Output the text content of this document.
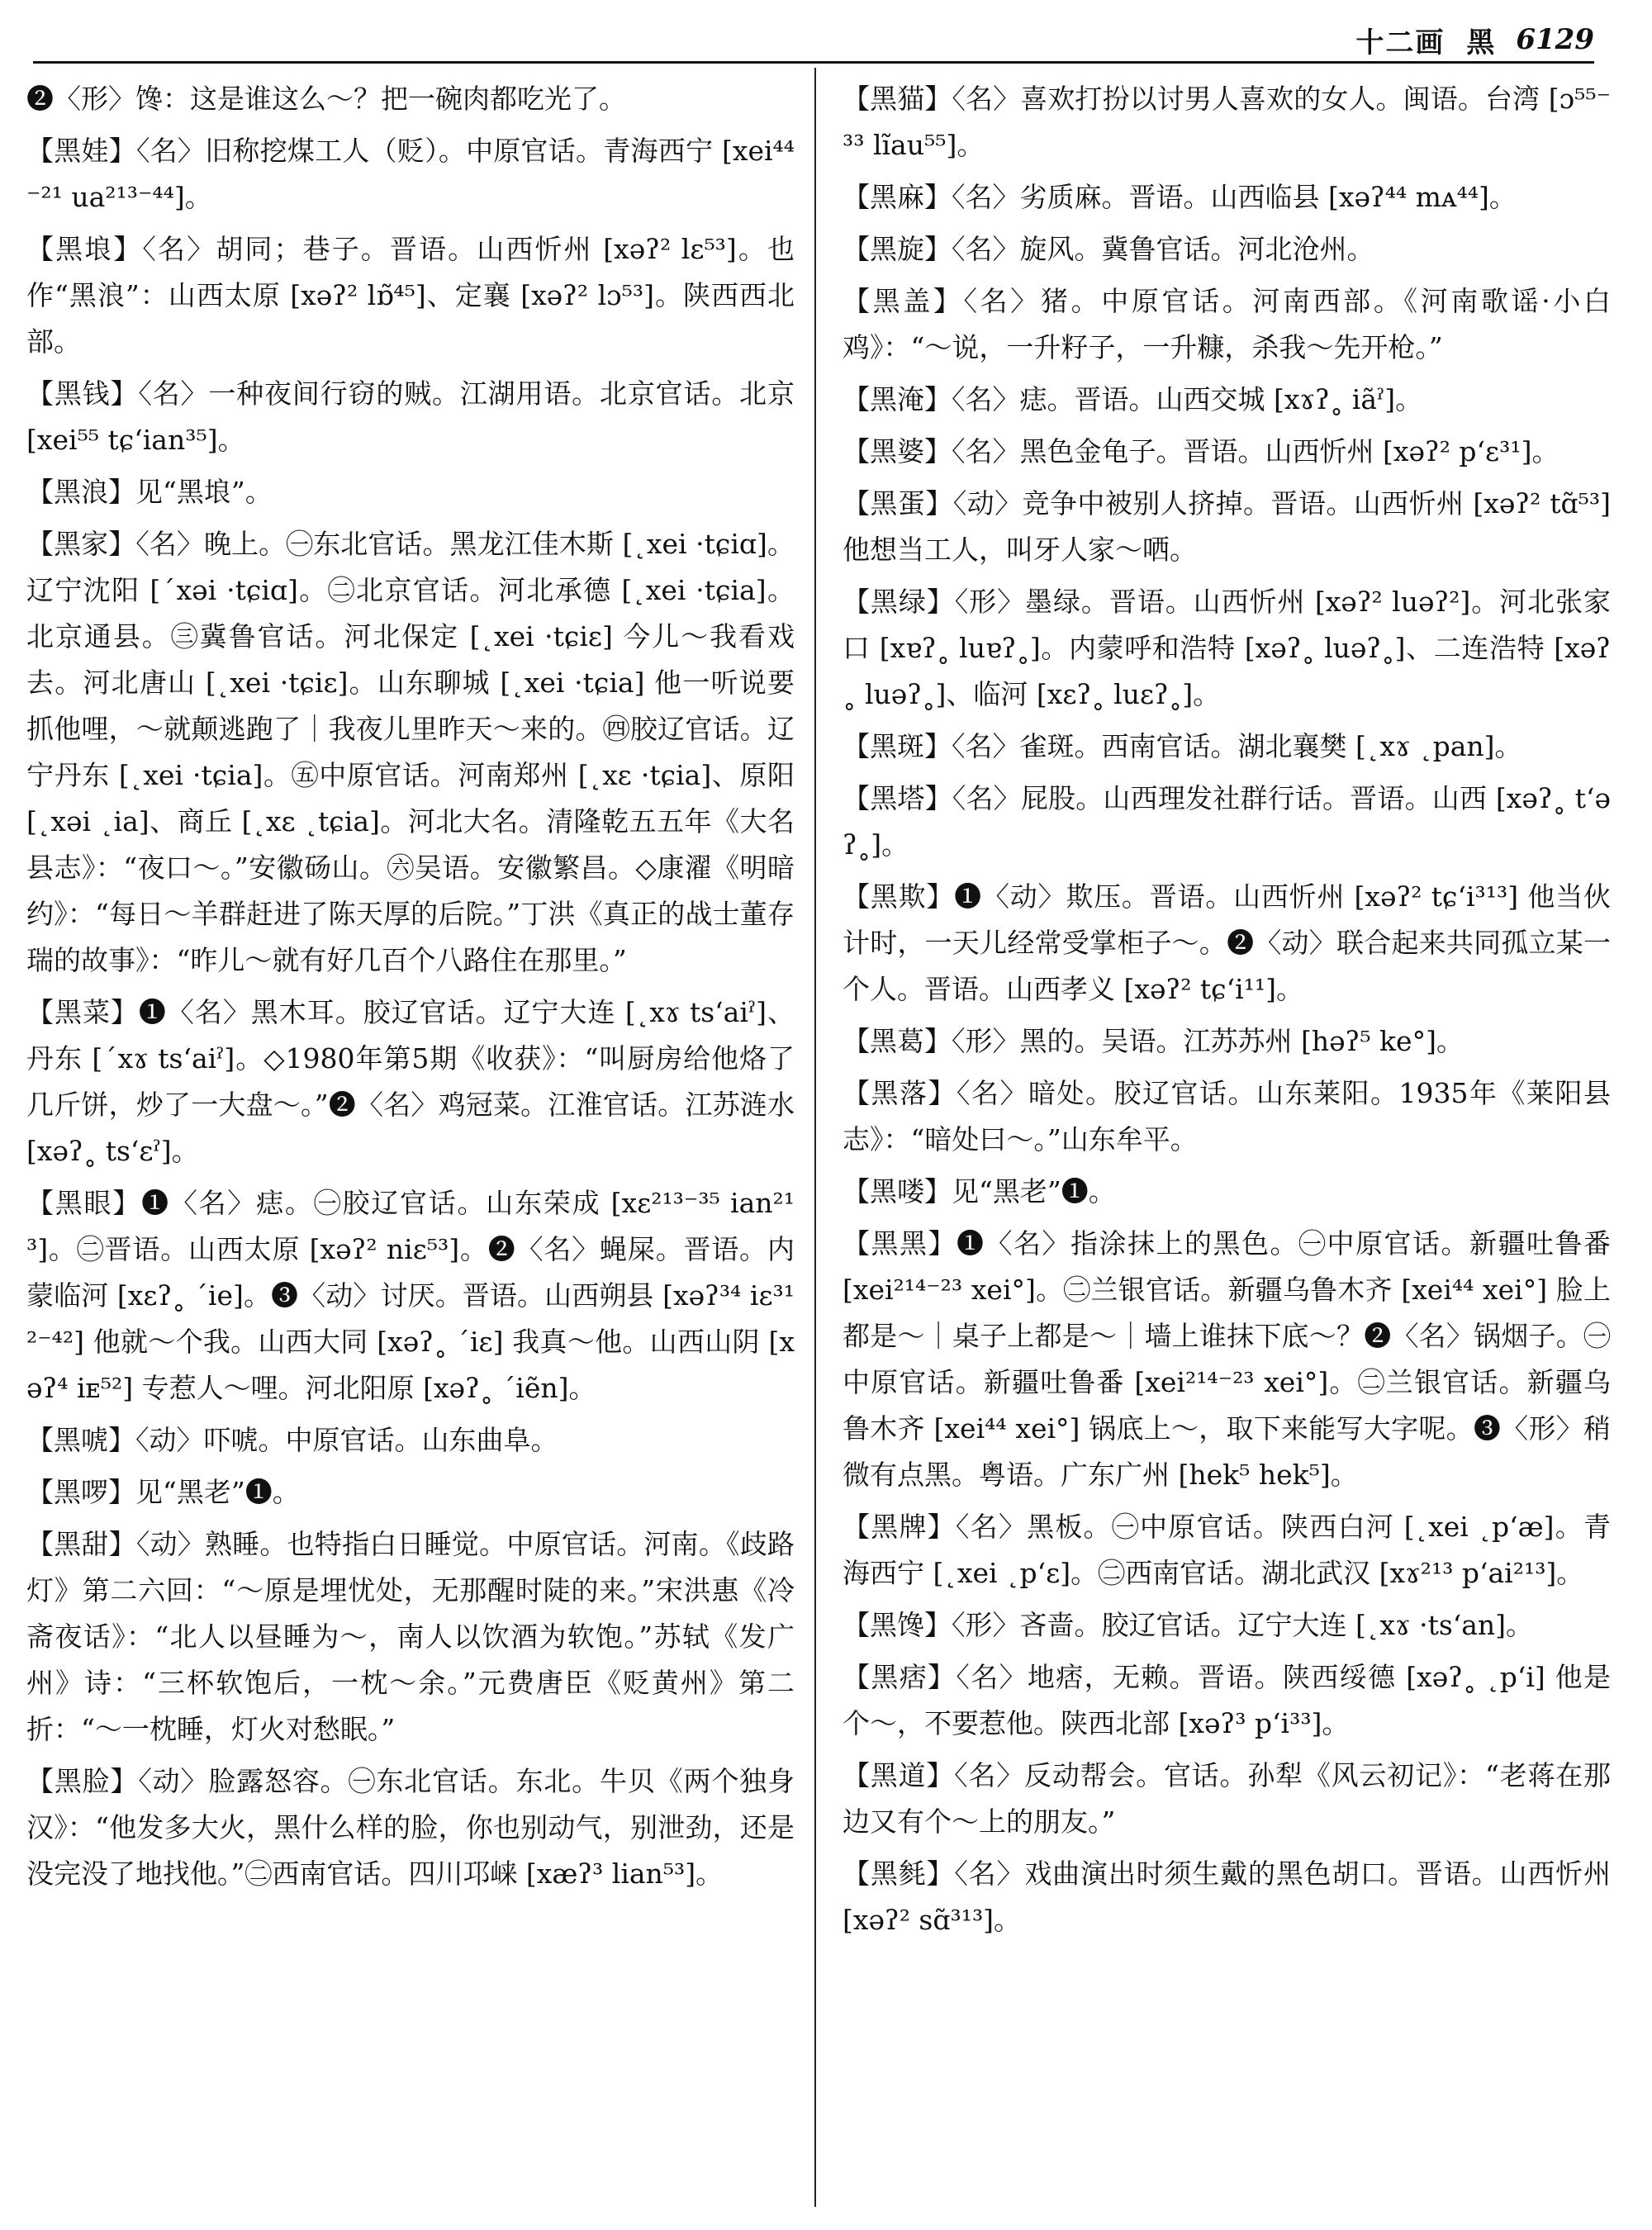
十二画 黑 6129

❷〈形〉馋：这是谁这么～？把一碗肉都吃光了。

【黑娃】〈名〉旧称挖煤工人（贬）。中原官话。青海西宁 [xei⁴⁴⁻²¹ ua²¹³⁻⁴⁴]。

【黑埌】〈名〉胡同；巷子。晋语。山西忻州 [xəʔ² lɛ⁵³]。也作“黑浪”：山西太原 [xəʔ² lɒ̃⁴⁵]、定襄 [xəʔ² lɔ⁵³]。陕西西北部。

【黑钱】〈名〉一种夜间行窃的贼。江湖用语。北京官话。北京 [xei⁵⁵ tɕʻian³⁵]。

【黑浪】见“黑埌”。

【黑家】〈名〉晚上。㊀东北官话。黑龙江佳木斯 [˛xei ·tɕiɑ]。辽宁沈阳 [ˊxəi ·tɕiɑ]。㊁北京官话。河北承德 [˛xei ·tɕia]。北京通县。㊂冀鲁官话。河北保定 [˛xei ·tɕiɛ] 今儿～我看戏去。河北唐山 [˛xei ·tɕiɛ]。山东聊城 [˛xei ·tɕia] 他一听说要抓他哩，～就颠逃跑了｜我夜儿里昨天～来的。㊃胶辽官话。辽宁丹东 [˛xei ·tɕia]。㊄中原官话。河南郑州 [˛xɛ ·tɕia]、原阳 [˛xəi ˛ia]、商丘 [˛xɛ ˛tɕia]。河北大名。清隆乾五五年《大名县志》：“夜口～。”安徽砀山。㊅吴语。安徽繁昌。◇康濯《明暗约》：“每日～羊群赶进了陈天厚的后院。”丁洪《真正的战士董存瑞的故事》：“昨儿～就有好几百个八路住在那里。”

【黑菜】❶〈名〉黑木耳。胶辽官话。辽宁大连 [˛xɤ tsʻaiˀ]、丹东 [ˊxɤ tsʻaiˀ]。◇1980年第5期《收获》：“叫厨房给他烙了几斤饼，炒了一大盘～。”❷〈名〉鸡冠菜。江淮官话。江苏涟水 [xəʔ˳ tsʻɛˀ]。

【黑眼】❶〈名〉痣。㊀胶辽官话。山东荣成 [xɛ²¹³⁻³⁵ ian²¹³]。㊁晋语。山西太原 [xəʔ² niɛ⁵³]。❷〈名〉蝇屎。晋语。内蒙临河 [xɛʔ˳ ˊie]。❸〈动〉讨厌。晋语。山西朔县 [xəʔ³⁴ iɛ³¹²⁻⁴²] 他就～个我。山西大同 [xəʔ˳ ˊiɛ] 我真～他。山西山阴 [xəʔ⁴ iᴇ⁵²] 专惹人～哩。河北阳原 [xəʔ˳ ˊiẽn]。

【黑唬】〈动〉吓唬。中原官话。山东曲阜。

【黑啰】见“黑老”❶。

【黑甜】〈动〉熟睡。也特指白日睡觉。中原官话。河南。《歧路灯》第二六回：“～原是埋忧处，无那醒时陡的来。”宋洪惠《冷斋夜话》：“北人以昼睡为～，南人以饮酒为软饱。”苏轼《发广州》诗：“三杯软饱后，一枕～余。”元费唐臣《贬黄州》第二折：“～一枕睡，灯火对愁眠。”

【黑脸】〈动〉脸露怒容。㊀东北官话。东北。牛贝《两个独身汉》：“他发多大火，黑什么样的脸，你也别动气，别泄劲，还是没完没了地找他。”㊁西南官话。四川邛崃 [xæʔ³ lian⁵³]。

【黑猫】〈名〉喜欢打扮以讨男人喜欢的女人。闽语。台湾 [ɔ⁵⁵⁻³³ lĩau⁵⁵]。

【黑麻】〈名〉劣质麻。晋语。山西临县 [xəʔ⁴⁴ mᴀ⁴⁴]。

【黑旋】〈名〉旋风。冀鲁官话。河北沧州。

【黑盖】〈名〉猪。中原官话。河南西部。《河南歌谣·小白鸡》：“～说，一升籽子，一升糠，杀我～先开枪。”

【黑淹】〈名〉痣。晋语。山西交城 [xɤʔ˳ iãˀ]。

【黑婆】〈名〉黑色金龟子。晋语。山西忻州 [xəʔ² pʻɛ³¹]。

【黑蛋】〈动〉竞争中被别人挤掉。晋语。山西忻州 [xəʔ² tɑ̃⁵³] 他想当工人，叫牙人家～哂。

【黑绿】〈形〉墨绿。晋语。山西忻州 [xəʔ² luəʔ²]。河北张家口 [xɐʔ˳ luɐʔ˳]。内蒙呼和浩特 [xəʔ˳ luəʔ˳]、二连浩特 [xəʔ˳ luəʔ˳]、临河 [xɛʔ˳ luɛʔ˳]。

【黑斑】〈名〉雀斑。西南官话。湖北襄樊 [˛xɤ ˛pan]。

【黑塔】〈名〉屁股。山西理发社群行话。晋语。山西 [xəʔ˳ tʻəʔ˳]。

【黑欺】❶〈动〉欺压。晋语。山西忻州 [xəʔ² tɕʻi³¹³] 他当伙计时，一天儿经常受掌柜子～。❷〈动〉联合起来共同孤立某一个人。晋语。山西孝义 [xəʔ² tɕʻi¹¹]。

【黑葛】〈形〉黑的。吴语。江苏苏州 [həʔ⁵ ke°]。

【黑落】〈名〉暗处。胶辽官话。山东莱阳。1935年《莱阳县志》：“暗处曰～。”山东牟平。

【黑喽】见“黑老”❶。

【黑黑】❶〈名〉指涂抹上的黑色。㊀中原官话。新疆吐鲁番 [xei²¹⁴⁻²³ xei°]。㊁兰银官话。新疆乌鲁木齐 [xei⁴⁴ xei°] 脸上都是～｜桌子上都是～｜墙上谁抹下底～？❷〈名〉锅烟子。㊀中原官话。新疆吐鲁番 [xei²¹⁴⁻²³ xei°]。㊁兰银官话。新疆乌鲁木齐 [xei⁴⁴ xei°] 锅底上～，取下来能写大字呢。❸〈形〉稍微有点黑。粤语。广东广州 [hek⁵ hek⁵]。

【黑牌】〈名〉黑板。㊀中原官话。陕西白河 [˛xei ˛pʻæ]。青海西宁 [˛xei ˛pʻɛ]。㊁西南官话。湖北武汉 [xɤ²¹³ pʻai²¹³]。

【黑馋】〈形〉吝啬。胶辽官话。辽宁大连 [˛xɤ ·tsʻan]。

【黑痞】〈名〉地痞，无赖。晋语。陕西绥德 [xəʔ˳ ˛pʻi] 他是个～，不要惹他。陕西北部 [xəʔ³ pʻi³³]。

【黑道】〈名〉反动帮会。官话。孙犁《风云初记》：“老蒋在那边又有个～上的朋友。”

【黑毵】〈名〉戏曲演出时须生戴的黑色胡口。晋语。山西忻州 [xəʔ² sɑ̃³¹³]。
